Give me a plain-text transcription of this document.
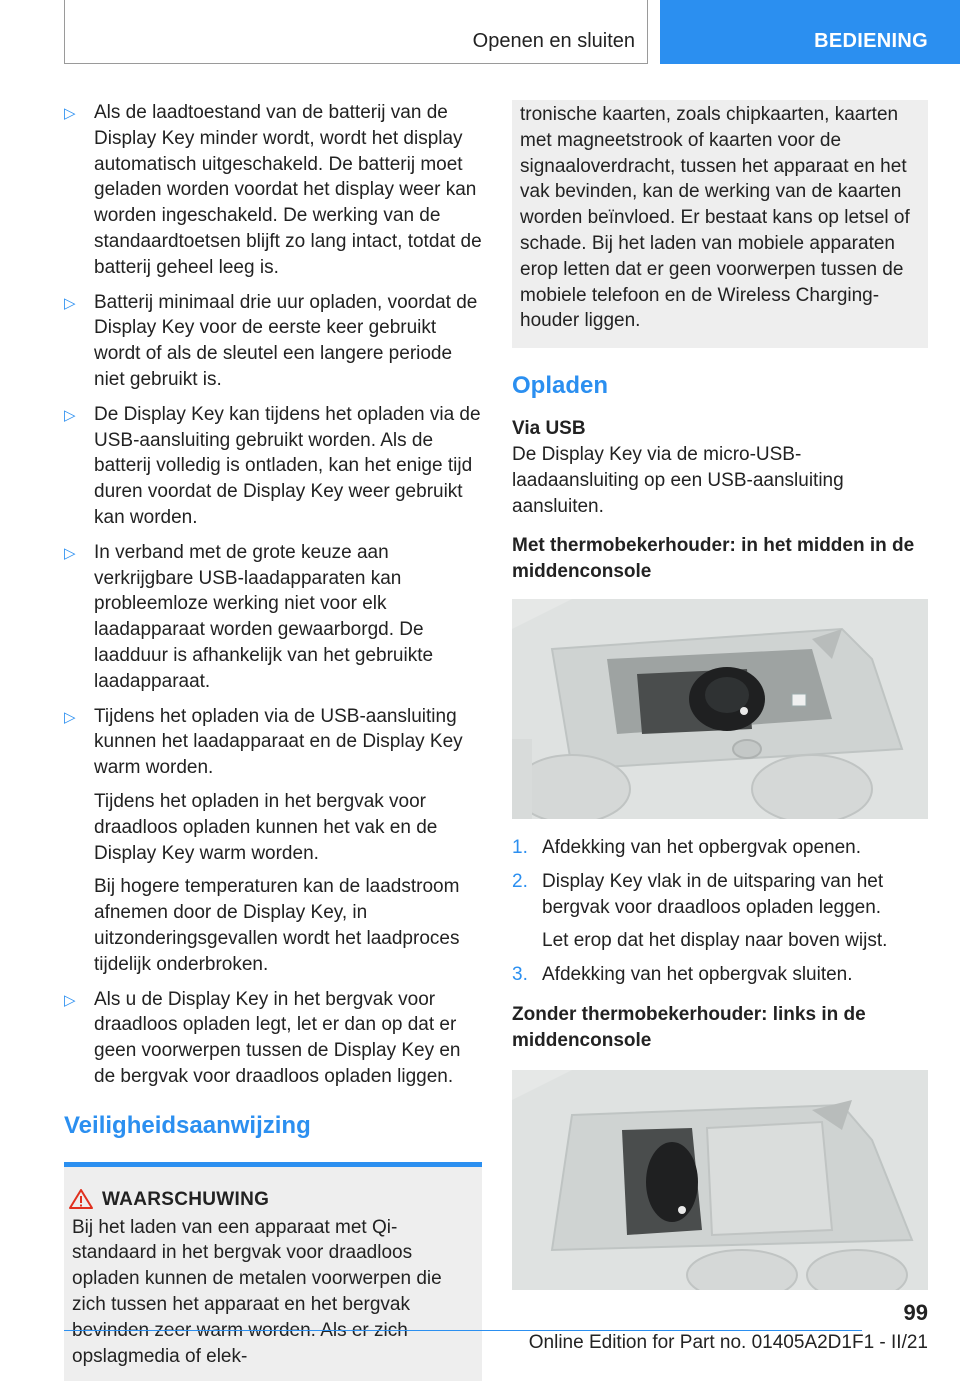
Openen en sluiten	BEDIENING
▷ Als de laadtoestand van de batterij van de Display Key minder wordt, wordt het display automatisch uitgeschakeld. De batterij moet geladen worden voordat het display weer kan worden ingeschakeld. De werking van de standaardtoetsen blijft zo lang intact, totdat de batterij geheel leeg is.
▷ Batterij minimaal drie uur opladen, voordat de Display Key voor de eerste keer gebruikt wordt of als de sleutel een langere periode niet gebruikt is.
▷ De Display Key kan tijdens het opladen via de USB-aansluiting gebruikt worden. Als de batterij volledig is ontladen, kan het enige tijd duren voordat de Display Key weer gebruikt kan worden.
▷ In verband met de grote keuze aan verkrijgbare USB-laadapparaten kan probleemloze werking niet voor elk laadapparaat worden gewaarborgd. De laadduur is afhankelijk van het gebruikte laadapparaat.
▷ Tijdens het opladen via de USB-aansluiting kunnen het laadapparaat en de Display Key warm worden.
Tijdens het opladen in het bergvak voor draadloos opladen kunnen het vak en de Display Key warm worden.
Bij hogere temperaturen kan de laadstroom afnemen door de Display Key, in uitzonderingsgevallen wordt het laadproces tijdelijk onderbroken.
▷ Als u de Display Key in het bergvak voor draadloos opladen legt, let er dan op dat er geen voorwerpen tussen de Display Key en de bergvak voor draadloos opladen liggen.
Veiligheidsaanwijzing
WAARSCHUWING
Bij het laden van een apparaat met Qi-standaard in het bergvak voor draadloos opladen kunnen de metalen voorwerpen die zich tussen het apparaat en het bergvak bevinden zeer warm worden. Als er zich opslagmedia of elek-
tronische kaarten, zoals chipkaarten, kaarten met magneetstrook of kaarten voor de signaaloverdracht, tussen het apparaat en het vak bevinden, kan de werking van de kaarten worden beïnvloed. Er bestaat kans op letsel of schade. Bij het laden van mobiele apparaten erop letten dat er geen voorwerpen tussen de mobiele telefoon en de Wireless Charging-houder liggen.
Opladen
Via USB
De Display Key via de micro-USB-laadaansluiting op een USB-aansluiting aansluiten.
Met thermobekerhouder: in het midden in de middenconsole
1. Afdekking van het opbergvak openen.
2. Display Key vlak in de uitsparing van het bergvak voor draadloos opladen leggen.
Let erop dat het display naar boven wijst.
3. Afdekking van het opbergvak sluiten.
Zonder thermobekerhouder: links in de middenconsole
99
Online Edition for Part no. 01405A2D1F1 - II/21
